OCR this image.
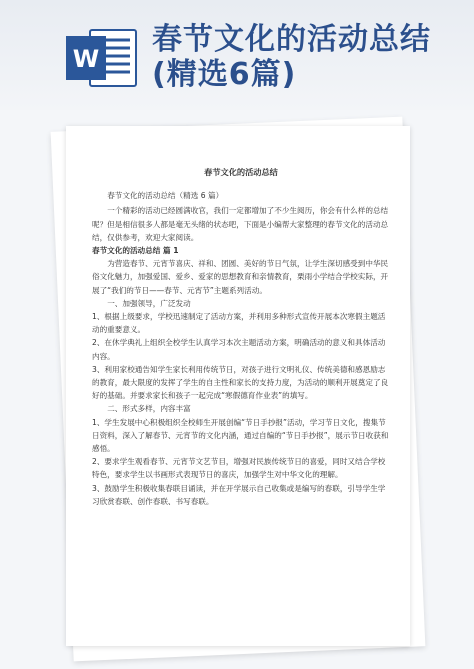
W
春节文化的活动总结(精选6篇)
春节文化的活动总结

春节文化的活动总结（精选 6 篇）

一个精彩的活动已经圆满收官，我们一定都增加了不少生阅历，你会有什么样的总结呢？但是相信很多人都是毫无头绪的状态吧，下面是小编帮大家整理的春节文化的活动总结，仅供参考，欢迎大家阅读。

春节文化的活动总结 篇 1

为营造春节、元宵节喜庆、祥和、团圆、美好的节日气氛，让学生深切感受到中华民俗文化魅力，加强爱国、爱乡、爱家的思想教育和亲情教育，栗雨小学结合学校实际，开展了“我们的节日——春节、元宵节”主题系列活动。

一、加强领导，广泛发动

1、根据上级要求，学校迅速制定了活动方案，并利用多种形式宣传开展本次寒假主题活动的重要意义。

2、在休学典礼上组织全校学生认真学习本次主题活动方案，明确活动的意义和具体活动内容。

3、利用家校通告知学生家长利用传统节日，对孩子进行文明礼仪、传统美德和感恩励志的教育，最大限度的发挥了学生的自主性和家长的支持力度，为活动的顺利开展奠定了良好的基础。并要求家长和孩子一起完成“寒假德育作业表”的填写。

二、形式多样，内容丰富

1、学生发展中心积极组织全校师生开展创编“节日手抄报”活动，学习节日文化，搜集节日资料，深入了解春节、元宵节的文化内涵，通过自编的“节日手抄报”，展示节日收获和感悟。

2、要求学生观看春节、元宵节文艺节目，增强对民族传统节日的喜爱，同时又结合学校特色，要求学生以书画形式表现节日的喜庆，加强学生对中华文化的理解。

3、鼓励学生积极收集春联目诵读，并在开学展示自己收集或是编写的春联，引导学生学习欣赏春联、创作春联、书写春联。
